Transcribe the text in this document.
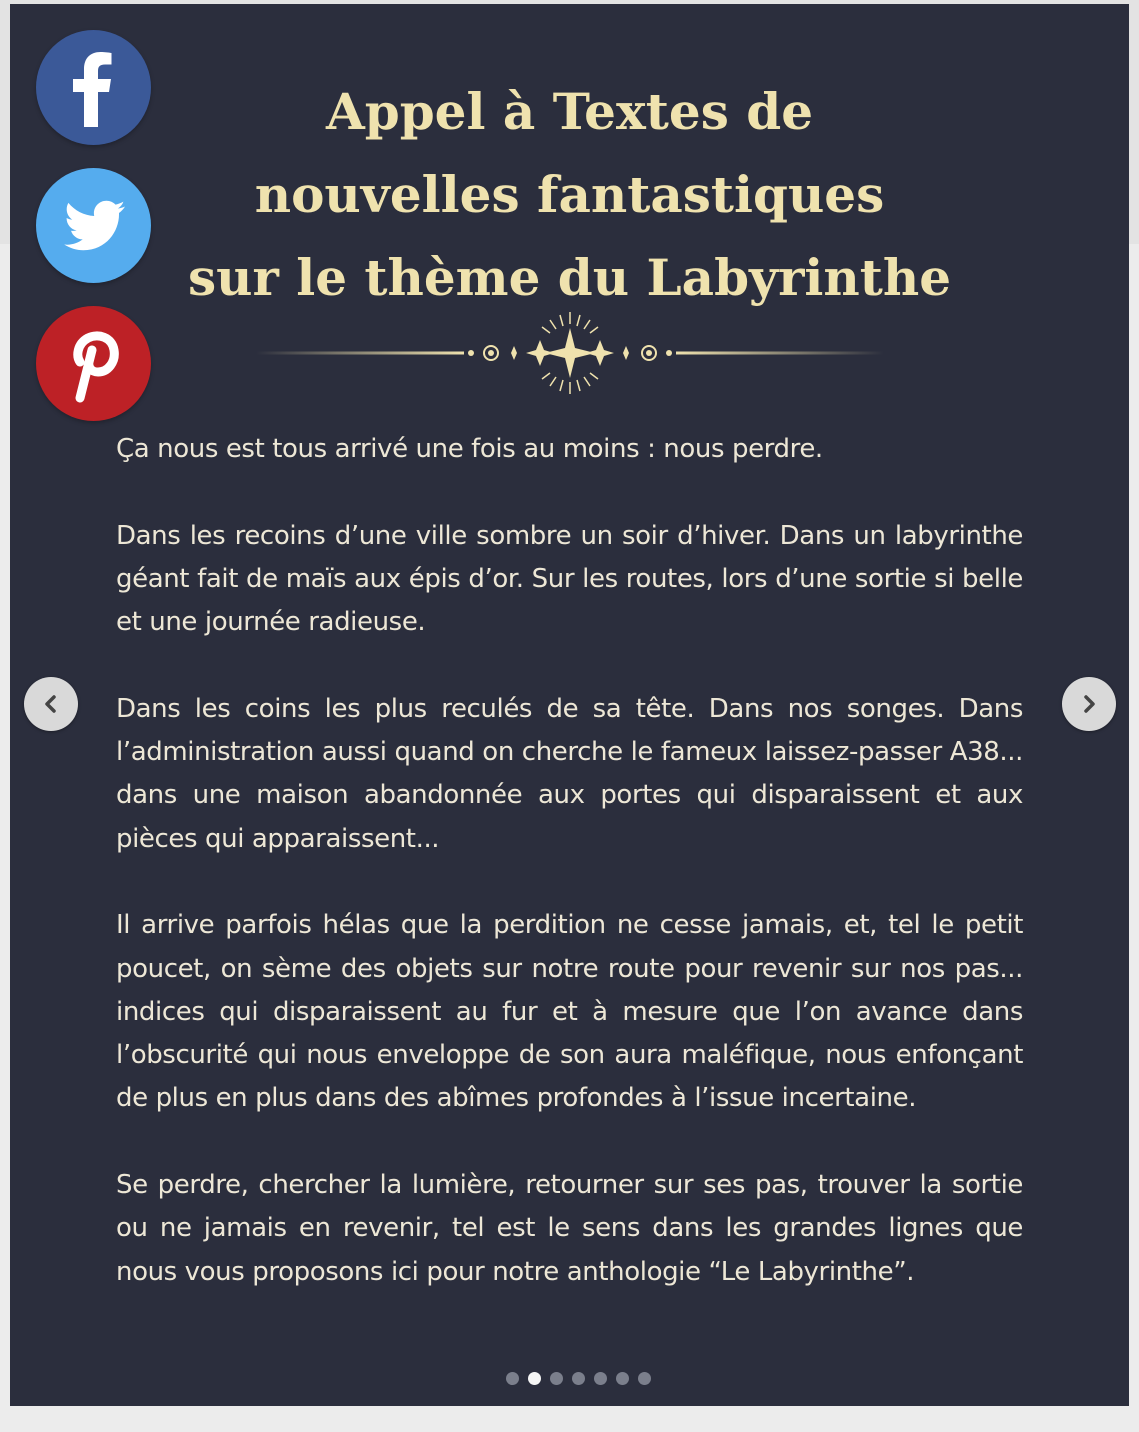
Appel à Textes de
nouvelles fantastiques
sur le thème du Labyrinthe

Ça nous est tous arrivé une fois au moins : nous perdre.

Dans les recoins d’une ville sombre un soir d’hiver. Dans un labyrinthe géant fait de maïs aux épis d’or. Sur les routes, lors d’une sortie si belle et une journée radieuse.

Dans les coins les plus reculés de sa tête. Dans nos songes. Dans l’administration aussi quand on cherche le fameux laissez-passer A38... dans une maison abandonnée aux portes qui disparaissent et aux pièces qui apparaissent...

Il arrive parfois hélas que la perdition ne cesse jamais, et, tel le petit poucet, on sème des objets sur notre route pour revenir sur nos pas... indices qui disparaissent au fur et à mesure que l’on avance dans l’obscurité qui nous enveloppe de son aura maléfique, nous enfonçant de plus en plus dans des abîmes profondes à l’issue incertaine.

Se perdre, chercher la lumière, retourner sur ses pas, trouver la sortie ou ne jamais en revenir, tel est le sens dans les grandes lignes que nous vous proposons ici pour notre anthologie “Le Labyrinthe”.
